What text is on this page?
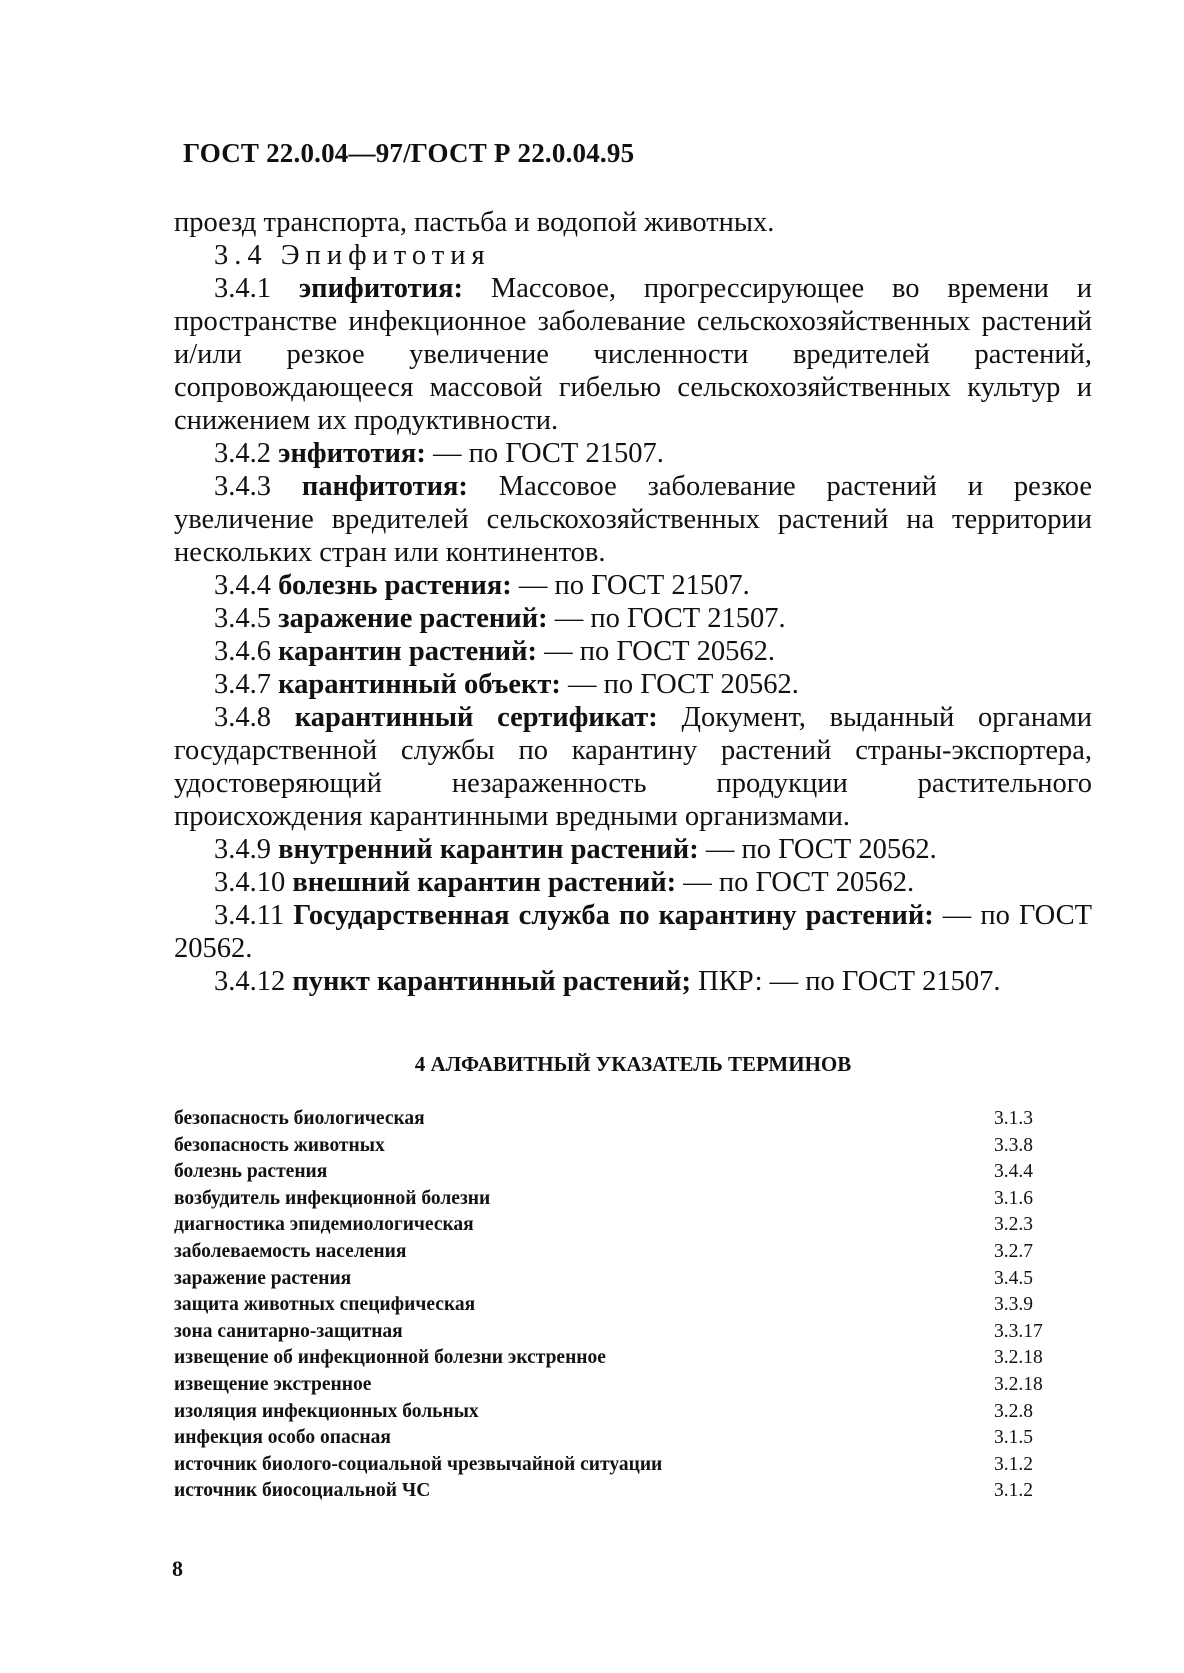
ГОСТ 22.0.04—97/ГОСТ Р 22.0.04.95

проезд транспорта, пастьба и водопой животных.

3.4 Эпифитотия

3.4.1 эпифитотия: Массовое, прогрессирующее во времени и пространстве инфекционное заболевание сельскохозяйственных растений и/или резкое увеличение численности вредителей растений, сопровождающееся массовой гибелью сельскохозяйственных культур и снижением их продуктивности.

3.4.2 энфитотия: — по ГОСТ 21507.

3.4.3 панфитотия: Массовое заболевание растений и резкое увеличение вредителей сельскохозяйственных растений на территории нескольких стран или континентов.

3.4.4 болезнь растения: — по ГОСТ 21507.

3.4.5 заражение растений: — по ГОСТ 21507.

3.4.6 карантин растений: — по ГОСТ 20562.

3.4.7 карантинный объект: — по ГОСТ 20562.

3.4.8 карантинный сертификат: Документ, выданный органами государственной службы по карантину растений страны-экспортера, удостоверяющий незараженность продукции растительного происхождения карантинными вредными организмами.

3.4.9 внутренний карантин растений: — по ГОСТ 20562.

3.4.10 внешний карантин растений: — по ГОСТ 20562.

3.4.11 Государственная служба по карантину растений: — по ГОСТ 20562.

3.4.12 пункт карантинный растений; ПКР: — по ГОСТ 21507.

4 АЛФАВИТНЫЙ УКАЗАТЕЛЬ ТЕРМИНОВ
безопасность биологическая	3.1.3
безопасность животных	3.3.8
болезнь растения	3.4.4
возбудитель инфекционной болезни	3.1.6
диагностика эпидемиологическая	3.2.3
заболеваемость населения	3.2.7
заражение растения	3.4.5
защита животных специфическая	3.3.9
зона санитарно-защитная	3.3.17
извещение об инфекционной болезни экстренное	3.2.18
извещение экстренное	3.2.18
изоляция инфекционных больных	3.2.8
инфекция особо опасная	3.1.5
источник биолого-социальной чрезвычайной ситуации	3.1.2
источник биосоциальной ЧС	3.1.2
8
